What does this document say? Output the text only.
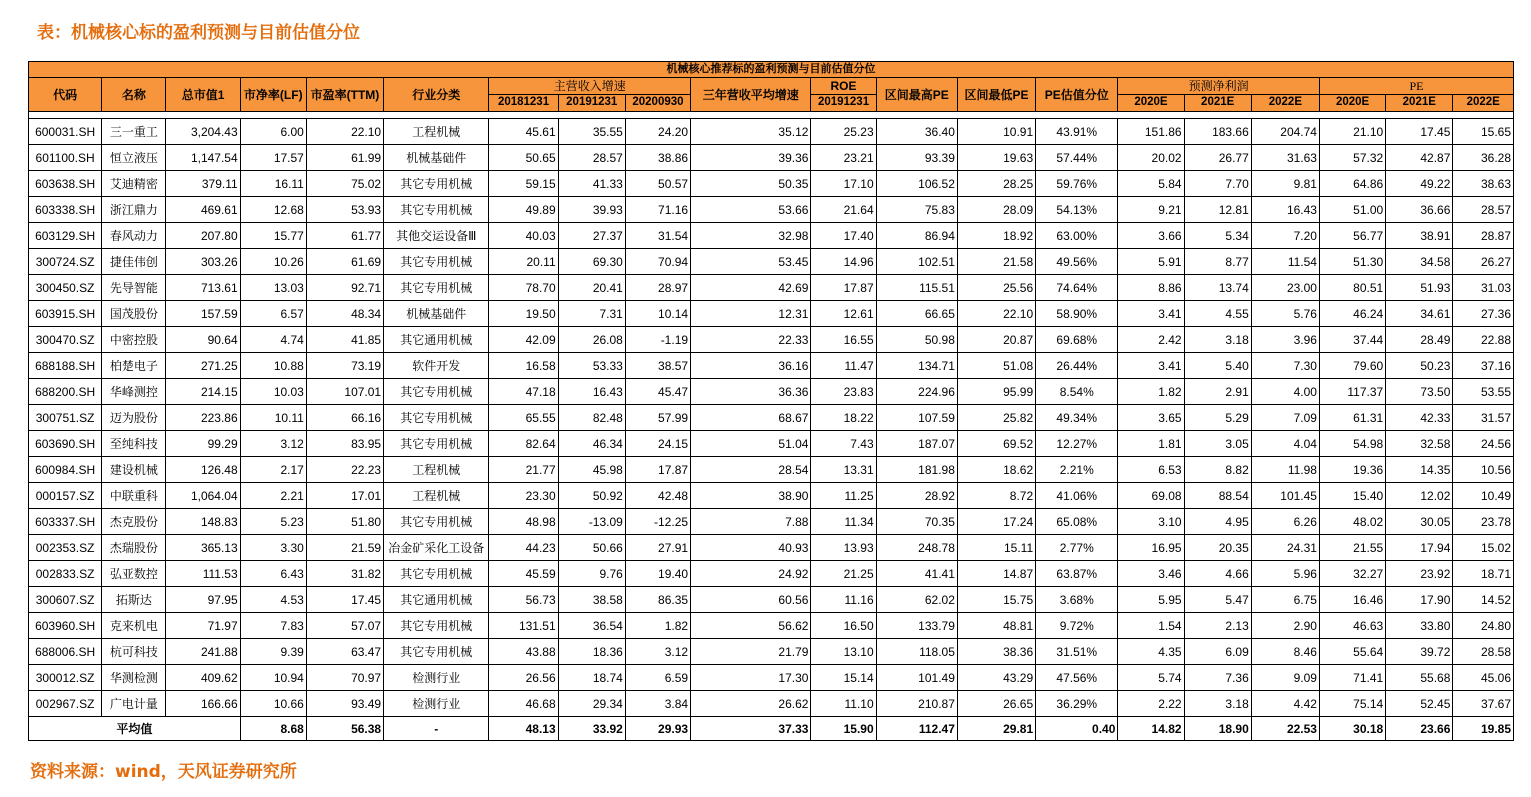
表：机械核心标的盈利预测与目前估值分位
机械核心推荐标的盈利预测与目前估值分位																			
代码	名称	总市值1	市净率(LF)	市盈率(TTM)	行业分类	主营收入增速			三年营收平均增速	ROE	区间最高PE	区间最低PE	PE估值分位	预测净利润			PE		
						20181231	20191231	20200930		20191231				2020E	2021E	2022E	2020E	2021E	2022E

600031.SH	三一重工	3,204.43	6.00	22.10	工程机械	45.61	35.55	24.20	35.12	25.23	36.40	10.91	43.91%	151.86	183.66	204.74	21.10	17.45	15.65
601100.SH	恒立液压	1,147.54	17.57	61.99	机械基础件	50.65	28.57	38.86	39.36	23.21	93.39	19.63	57.44%	20.02	26.77	31.63	57.32	42.87	36.28
603638.SH	艾迪精密	379.11	16.11	75.02	其它专用机械	59.15	41.33	50.57	50.35	17.10	106.52	28.25	59.76%	5.84	7.70	9.81	64.86	49.22	38.63
603338.SH	浙江鼎力	469.61	12.68	53.93	其它专用机械	49.89	39.93	71.16	53.66	21.64	75.83	28.09	54.13%	9.21	12.81	16.43	51.00	36.66	28.57
603129.SH	春风动力	207.80	15.77	61.77	其他交运设备Ⅲ	40.03	27.37	31.54	32.98	17.40	86.94	18.92	63.00%	3.66	5.34	7.20	56.77	38.91	28.87
300724.SZ	捷佳伟创	303.26	10.26	61.69	其它专用机械	20.11	69.30	70.94	53.45	14.96	102.51	21.58	49.56%	5.91	8.77	11.54	51.30	34.58	26.27
300450.SZ	先导智能	713.61	13.03	92.71	其它专用机械	78.70	20.41	28.97	42.69	17.87	115.51	25.56	74.64%	8.86	13.74	23.00	80.51	51.93	31.03
603915.SH	国茂股份	157.59	6.57	48.34	机械基础件	19.50	7.31	10.14	12.31	12.61	66.65	22.10	58.90%	3.41	4.55	5.76	46.24	34.61	27.36
300470.SZ	中密控股	90.64	4.74	41.85	其它通用机械	42.09	26.08	-1.19	22.33	16.55	50.98	20.87	69.68%	2.42	3.18	3.96	37.44	28.49	22.88
688188.SH	柏楚电子	271.25	10.88	73.19	软件开发	16.58	53.33	38.57	36.16	11.47	134.71	51.08	26.44%	3.41	5.40	7.30	79.60	50.23	37.16
688200.SH	华峰测控	214.15	10.03	107.01	其它专用机械	47.18	16.43	45.47	36.36	23.83	224.96	95.99	8.54%	1.82	2.91	4.00	117.37	73.50	53.55
300751.SZ	迈为股份	223.86	10.11	66.16	其它专用机械	65.55	82.48	57.99	68.67	18.22	107.59	25.82	49.34%	3.65	5.29	7.09	61.31	42.33	31.57
603690.SH	至纯科技	99.29	3.12	83.95	其它专用机械	82.64	46.34	24.15	51.04	7.43	187.07	69.52	12.27%	1.81	3.05	4.04	54.98	32.58	24.56
600984.SH	建设机械	126.48	2.17	22.23	工程机械	21.77	45.98	17.87	28.54	13.31	181.98	18.62	2.21%	6.53	8.82	11.98	19.36	14.35	10.56
000157.SZ	中联重科	1,064.04	2.21	17.01	工程机械	23.30	50.92	42.48	38.90	11.25	28.92	8.72	41.06%	69.08	88.54	101.45	15.40	12.02	10.49
603337.SH	杰克股份	148.83	5.23	51.80	其它专用机械	48.98	-13.09	-12.25	7.88	11.34	70.35	17.24	65.08%	3.10	4.95	6.26	48.02	30.05	23.78
002353.SZ	杰瑞股份	365.13	3.30	21.59	冶金矿采化工设备	44.23	50.66	27.91	40.93	13.93	248.78	15.11	2.77%	16.95	20.35	24.31	21.55	17.94	15.02
002833.SZ	弘亚数控	111.53	6.43	31.82	其它专用机械	45.59	9.76	19.40	24.92	21.25	41.41	14.87	63.87%	3.46	4.66	5.96	32.27	23.92	18.71
300607.SZ	拓斯达	97.95	4.53	17.45	其它通用机械	56.73	38.58	86.35	60.56	11.16	62.02	15.75	3.68%	5.95	5.47	6.75	16.46	17.90	14.52
603960.SH	克来机电	71.97	7.83	57.07	其它专用机械	131.51	36.54	1.82	56.62	16.50	133.79	48.81	9.72%	1.54	2.13	2.90	46.63	33.80	24.80
688006.SH	杭可科技	241.88	9.39	63.47	其它专用机械	43.88	18.36	3.12	21.79	13.10	118.05	38.36	31.51%	4.35	6.09	8.46	55.64	39.72	28.58
300012.SZ	华测检测	409.62	10.94	70.97	检测行业	26.56	18.74	6.59	17.30	15.14	101.49	43.29	47.56%	5.74	7.36	9.09	71.41	55.68	45.06
002967.SZ	广电计量	166.66	10.66	93.49	检测行业	46.68	29.34	3.84	26.62	11.10	210.87	26.65	36.29%	2.22	3.18	4.42	75.14	52.45	37.67
平均值			8.68	56.38	-	48.13	33.92	29.93	37.33	15.90	112.47	29.81	0.40	14.82	18.90	22.53	30.18	23.66	19.85
资料来源：wind，天风证券研究所
